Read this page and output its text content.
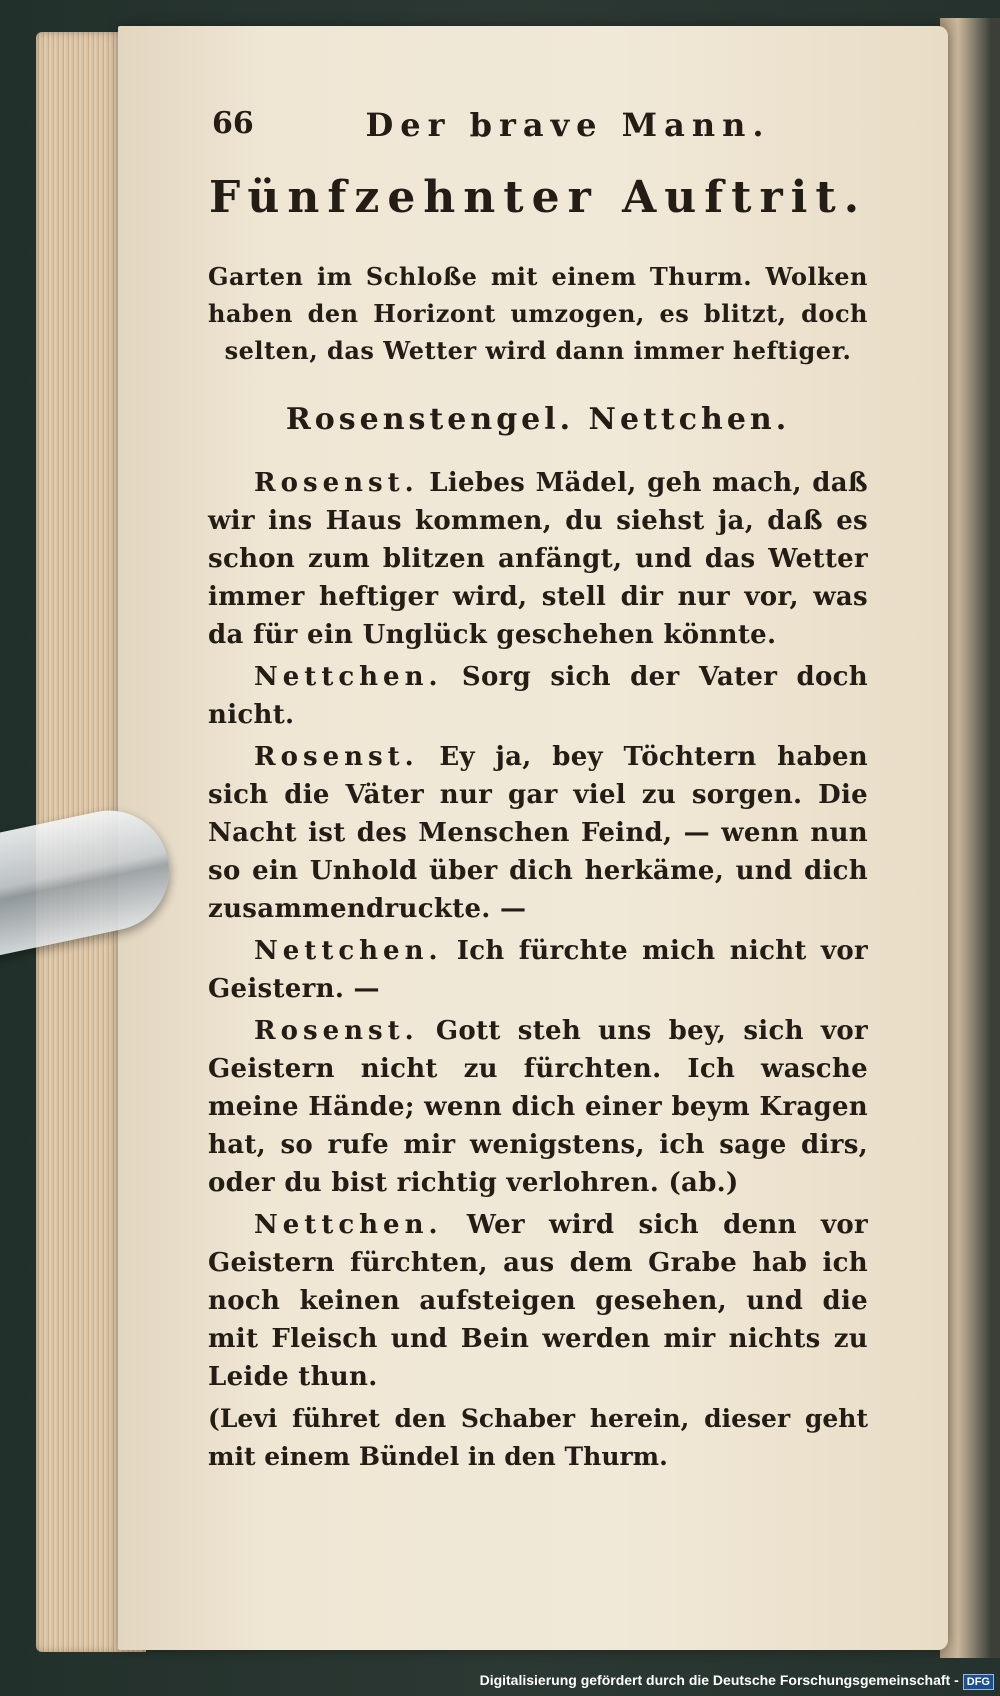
66	Der brave Mann.
Fünfzehnter Auftrit.
Garten im Schloße mit einem Thurm. Wolken haben den Horizont umzogen, es blitzt, doch selten, das Wetter wird dann immer heftiger.
Rosenstengel. Nettchen.

Rosenst. Liebes Mädel, geh mach, daß wir ins Haus kommen, du siehst ja, daß es schon zum blitzen anfängt, und das Wetter immer heftiger wird, stell dir nur vor, was da für ein Unglück geschehen könnte.

Nettchen. Sorg sich der Vater doch nicht.

Rosenst. Ey ja, bey Töchtern haben sich die Väter nur gar viel zu sorgen. Die Nacht ist des Menschen Feind, — wenn nun so ein Unhold über dich herkäme, und dich zusammendruckte. —

Nettchen. Ich fürchte mich nicht vor Geistern. —

Rosenst. Gott steh uns bey, sich vor Geistern nicht zu fürchten. Ich wasche meine Hände; wenn dich einer beym Kragen hat, so rufe mir wenigstens, ich sage dirs, oder du bist richtig verlohren. (ab.)

Nettchen. Wer wird sich denn vor Geistern fürchten, aus dem Grabe hab ich noch keinen aufsteigen gesehen, und die mit Fleisch und Bein werden mir nichts zu Leide thun.

(Levi führet den Schaber herein, dieser geht mit einem Bündel in den Thurm.

Digitalisierung gefördert durch die Deutsche Forschungsgemeinschaft - DFG
